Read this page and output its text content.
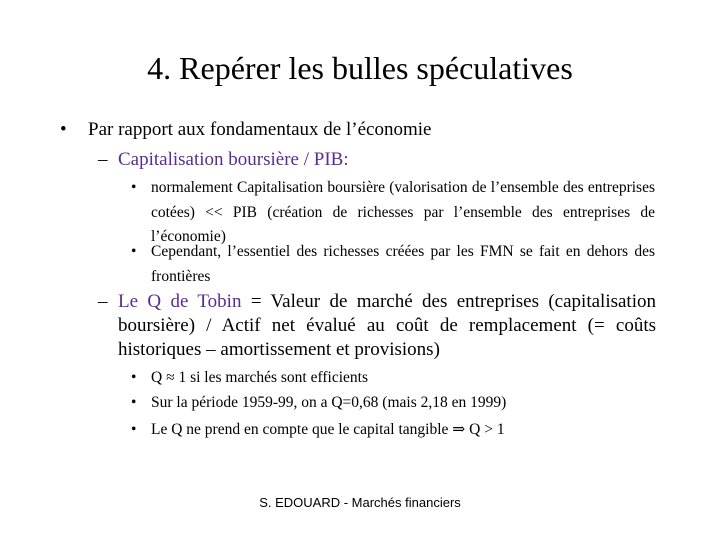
4. Repérer les bulles spéculatives
• Par rapport aux fondamentaux de l’économie
– Capitalisation boursière / PIB:
• normalement Capitalisation boursière (valorisation de l’ensemble des entreprises cotées) << PIB (création de richesses par l’ensemble des entreprises de l’économie)
• Cependant, l’essentiel des richesses créées par les FMN se fait en dehors des frontières
– Le Q de Tobin = Valeur de marché des entreprises (capitalisation boursière) / Actif net évalué au coût de remplacement (= coûts historiques – amortissement et provisions)
• Q ≈ 1 si les marchés sont efficients
• Sur la période 1959-99, on a Q=0,68 (mais 2,18 en 1999)
• Le Q ne prend en compte que le capital tangible ⇒ Q > 1
S. EDOUARD - Marchés financiers
